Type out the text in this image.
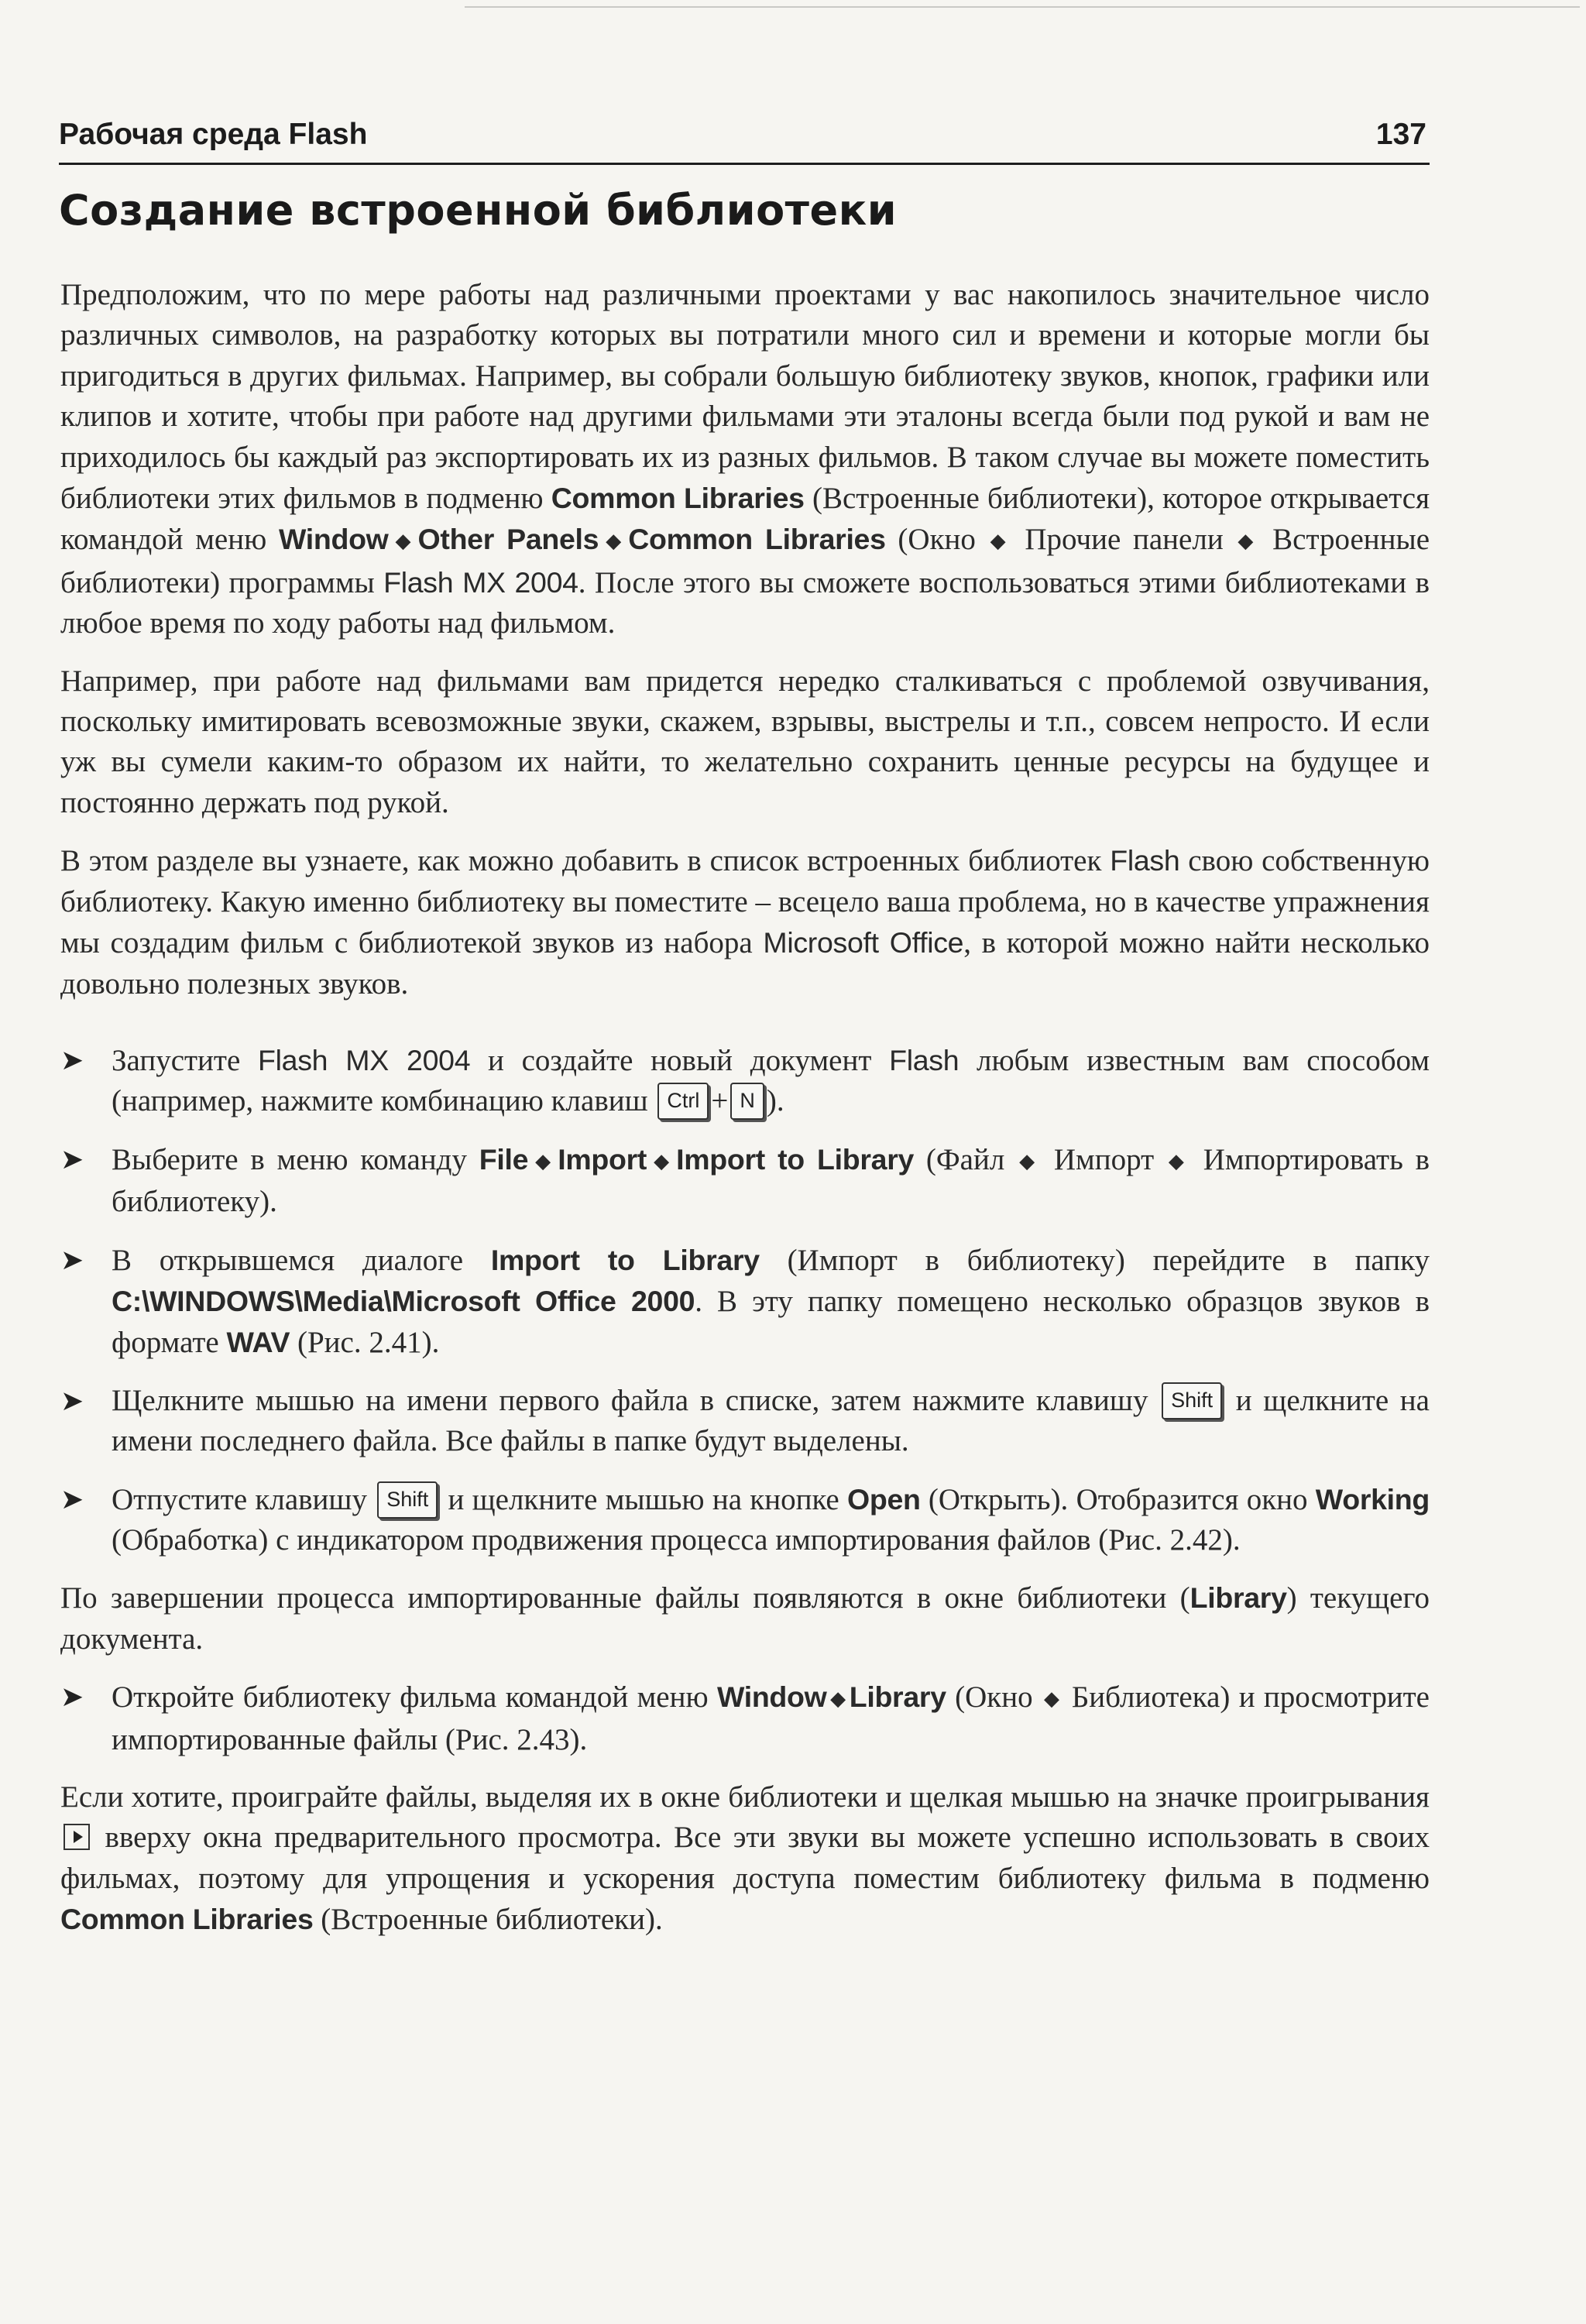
Рабочая среда Flash	137
Создание встроенной библиотеки

Предположим, что по мере работы над различными проектами у вас накопилось значительное число различных символов, на разработку которых вы потратили много сил и времени и которые могли бы пригодиться в других фильмах. Например, вы собрали большую библиотеку звуков, кнопок, графики или клипов и хотите, чтобы при работе над другими фильмами эти эталоны всегда были под рукой и вам не приходилось бы каждый раз экспортировать их из разных фильмов. В таком случае вы можете поместить библиотеки этих фильмов в подменю Common Libraries (Встроенные библиотеки), которое открывается командой меню Window ◆Other Panels ◆Common Libraries (Окно ◆ Прочие панели ◆ Встроенные библиотеки) программы Flash MX 2004. После этого вы сможете воспользоваться этими библиотеками в любое время по ходу работы над фильмом.

Например, при работе над фильмами вам придется нередко сталкиваться с проблемой озвучивания, поскольку имитировать всевозможные звуки, скажем, взрывы, выстрелы и т.п., совсем непросто. И если уж вы сумели каким-то образом их найти, то желательно сохранить ценные ресурсы на будущее и постоянно держать под рукой.

В этом разделе вы узнаете, как можно добавить в список встроенных библиотек Flash свою собственную библиотеку. Какую именно библиотеку вы поместите – всецело ваша проблема, но в качестве упражнения мы создадим фильм с библиотекой звуков из набора Microsoft Office, в которой можно найти несколько довольно полезных звуков.

➤ Запустите Flash MX 2004 и создайте новый документ Flash любым известным вам способом (например, нажмите комбинацию клавиш Ctrl + N ).
➤ Выберите в меню команду File ◆Import ◆Import to Library (Файл ◆ Импорт ◆ Импортировать в библиотеку).
➤ В открывшемся диалоге Import to Library (Импорт в библиотеку) перейдите в папку C:\WINDOWS\Media\Microsoft Office 2000. В эту папку помещено несколько образцов звуков в формате WAV (Рис. 2.41).
➤ Щелкните мышью на имени первого файла в списке, затем нажмите клавишу Shift и щелкните на имени последнего файла. Все файлы в папке будут выделены.
➤ Отпустите клавишу Shift и щелкните мышью на кнопке Open (Открыть). Отобразится окно Working (Обработка) с индикатором продвижения процесса импортирования файлов (Рис. 2.42).

По завершении процесса импортированные файлы появляются в окне библиотеки (Library) текущего документа.

➤ Откройте библиотеку фильма командой меню Window ◆Library (Окно ◆ Библиотека) и просмотрите импортированные файлы (Рис. 2.43).

Если хотите, проиграйте файлы, выделяя их в окне библиотеки и щелкая мышью на значке проигрывания  вверху окна предварительного просмотра. Все эти звуки вы можете успешно использовать в своих фильмах, поэтому для упрощения и ускорения доступа поместим библиотеку фильма в подменю Common Libraries (Встроенные библиотеки).
